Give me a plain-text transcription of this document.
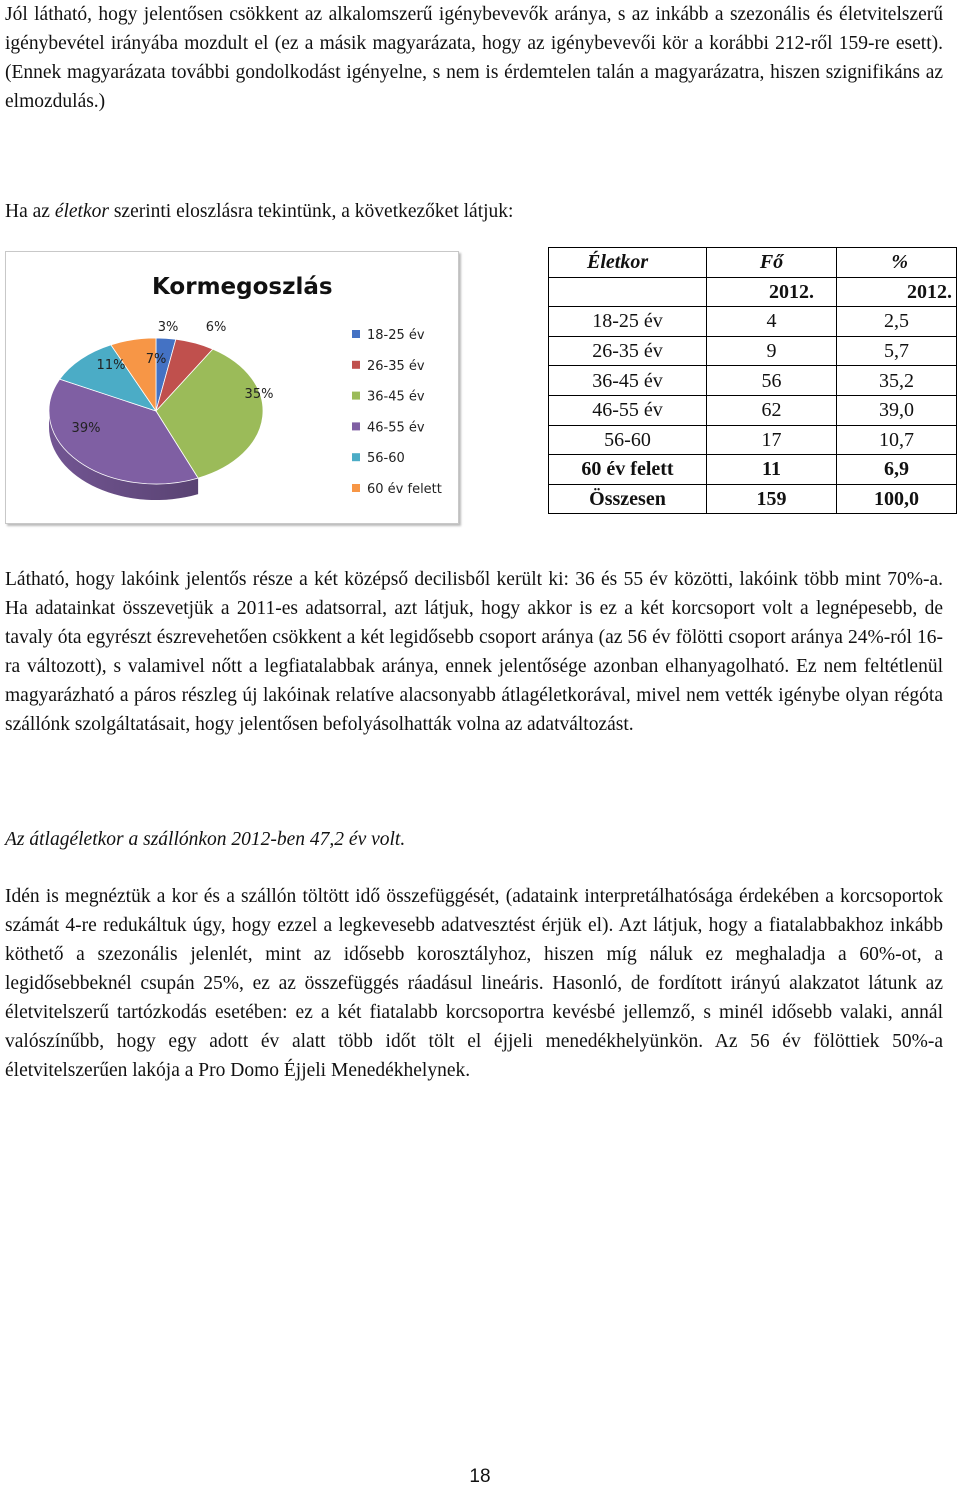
Jól látható, hogy jelentősen csökkent az alkalomszerű igénybevevők aránya, s az inkább a szezonális és életvitelszerű igénybevétel irányába mozdult el (ez a másik magyarázata, hogy az igénybevevői kör a korábbi 212-ről 159-re esett). (Ennek magyarázata további gondolkodást igényelne, s nem is érdemtelen talán a magyarázatra, hiszen szignifikáns az elmozdulás.)

Ha az életkor szerinti eloszlásra tekintünk, a következőket látjuk:

Kormegoszlás
3% 6%
35%
39%
11% 7%
18-25 év
26-35 év
36-45 év
46-55 év
56-60
60 év felett
Életkor	Fő	%
	2012.	2012.
18-25 év	4	2,5
26-35 év	9	5,7
36-45 év	56	35,2
46-55 év	62	39,0
56-60	17	10,7
60 év felett	11	6,9
Összesen	159	100,0

Látható, hogy lakóink jelentős része a két középső decilisből került ki: 36 és 55 év közötti, lakóink több mint 70%-a. Ha adatainkat összevetjük a 2011-es adatsorral, azt látjuk, hogy akkor is ez a két korcsoport volt a legnépesebb, de tavaly óta egyrészt észrevehetően csökkent a két legidősebb csoport aránya (az 56 év fölötti csoport aránya 24%-ról 16-ra változott), s valamivel nőtt a legfiatalabbak aránya, ennek jelentősége azonban elhanyagolható. Ez nem feltétlenül magyarázható a páros részleg új lakóinak relatíve alacsonyabb átlagéletkorával, mivel nem vették igénybe olyan régóta szállónk szolgáltatásait, hogy jelentősen befolyásolhatták volna az adatváltozást.

Az átlagéletkor a szállónkon 2012-ben 47,2 év volt.

Idén is megnéztük a kor és a szállón töltött idő összefüggését, (adataink interpretálhatósága érdekében a korcsoportok számát 4-re redukáltuk úgy, hogy ezzel a legkevesebb adatvesztést érjük el). Azt látjuk, hogy a fiatalabbakhoz inkább köthető a szezonális jelenlét, mint az idősebb korosztályhoz, hiszen míg náluk ez meghaladja a 60%-ot, a legidősebbeknél csupán 25%, ez az összefüggés ráadásul lineáris. Hasonló, de fordított irányú alakzatot látunk az életvitelszerű tartózkodás esetében: ez a két fiatalabb korcsoportra kevésbé jellemző, s minél idősebb valaki, annál valószínűbb, hogy egy adott év alatt több időt tölt el éjjeli menedékhelyünkön. Az 56 év fölöttiek 50%-a életvitelszerűen lakója a Pro Domo Éjjeli Menedékhelynek.

18
